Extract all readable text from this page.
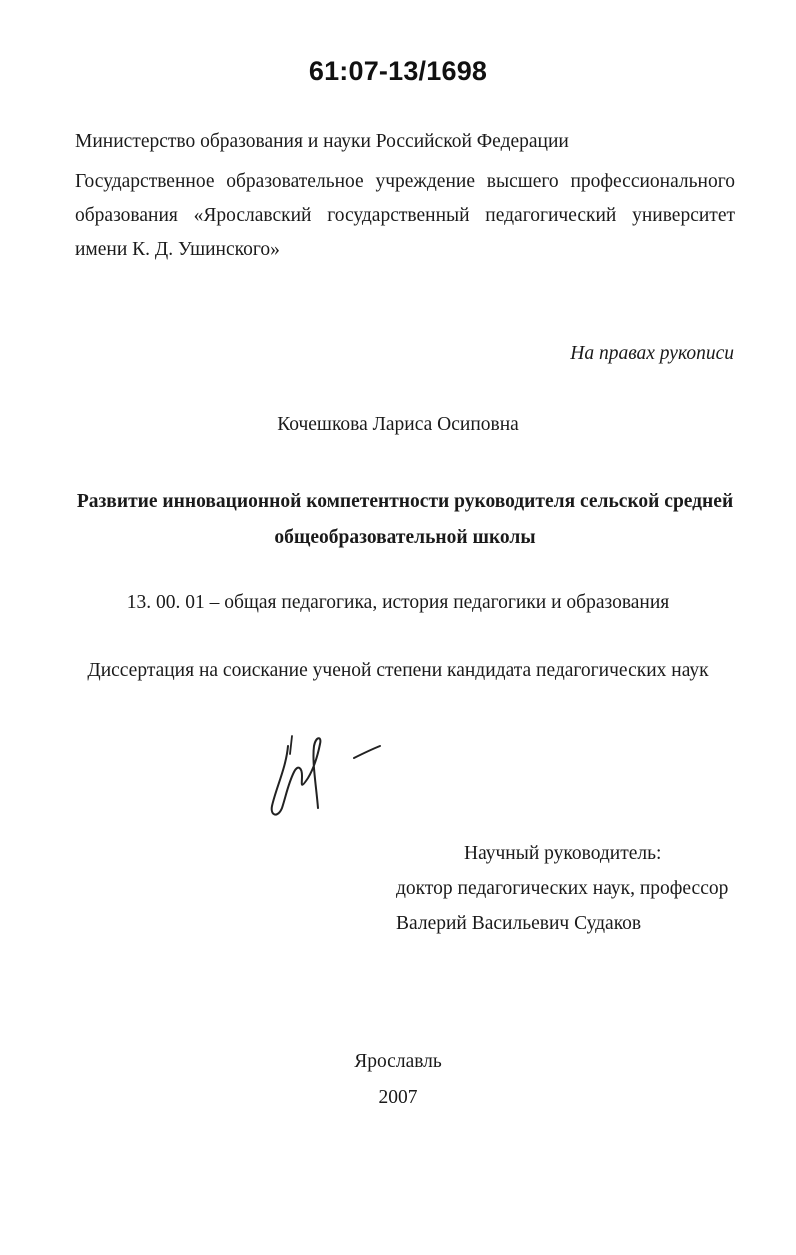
61:07-13/1698
Министерство образования и науки Российской Федерации
Государственное образовательное учреждение высшего профессионального
образования «Ярославский государственный педагогический университет
имени К. Д. Ушинского»
На правах рукописи
Кочешкова Лариса Осиповна
Развитие инновационной компетентности руководителя сельской средней
общеобразовательной школы
13. 00. 01 – общая педагогика, история педагогики и образования
Диссертация на соискание ученой степени кандидата педагогических наук
Научный руководитель:
доктор педагогических наук, профессор
Валерий Васильевич Судаков
Ярославль
2007
